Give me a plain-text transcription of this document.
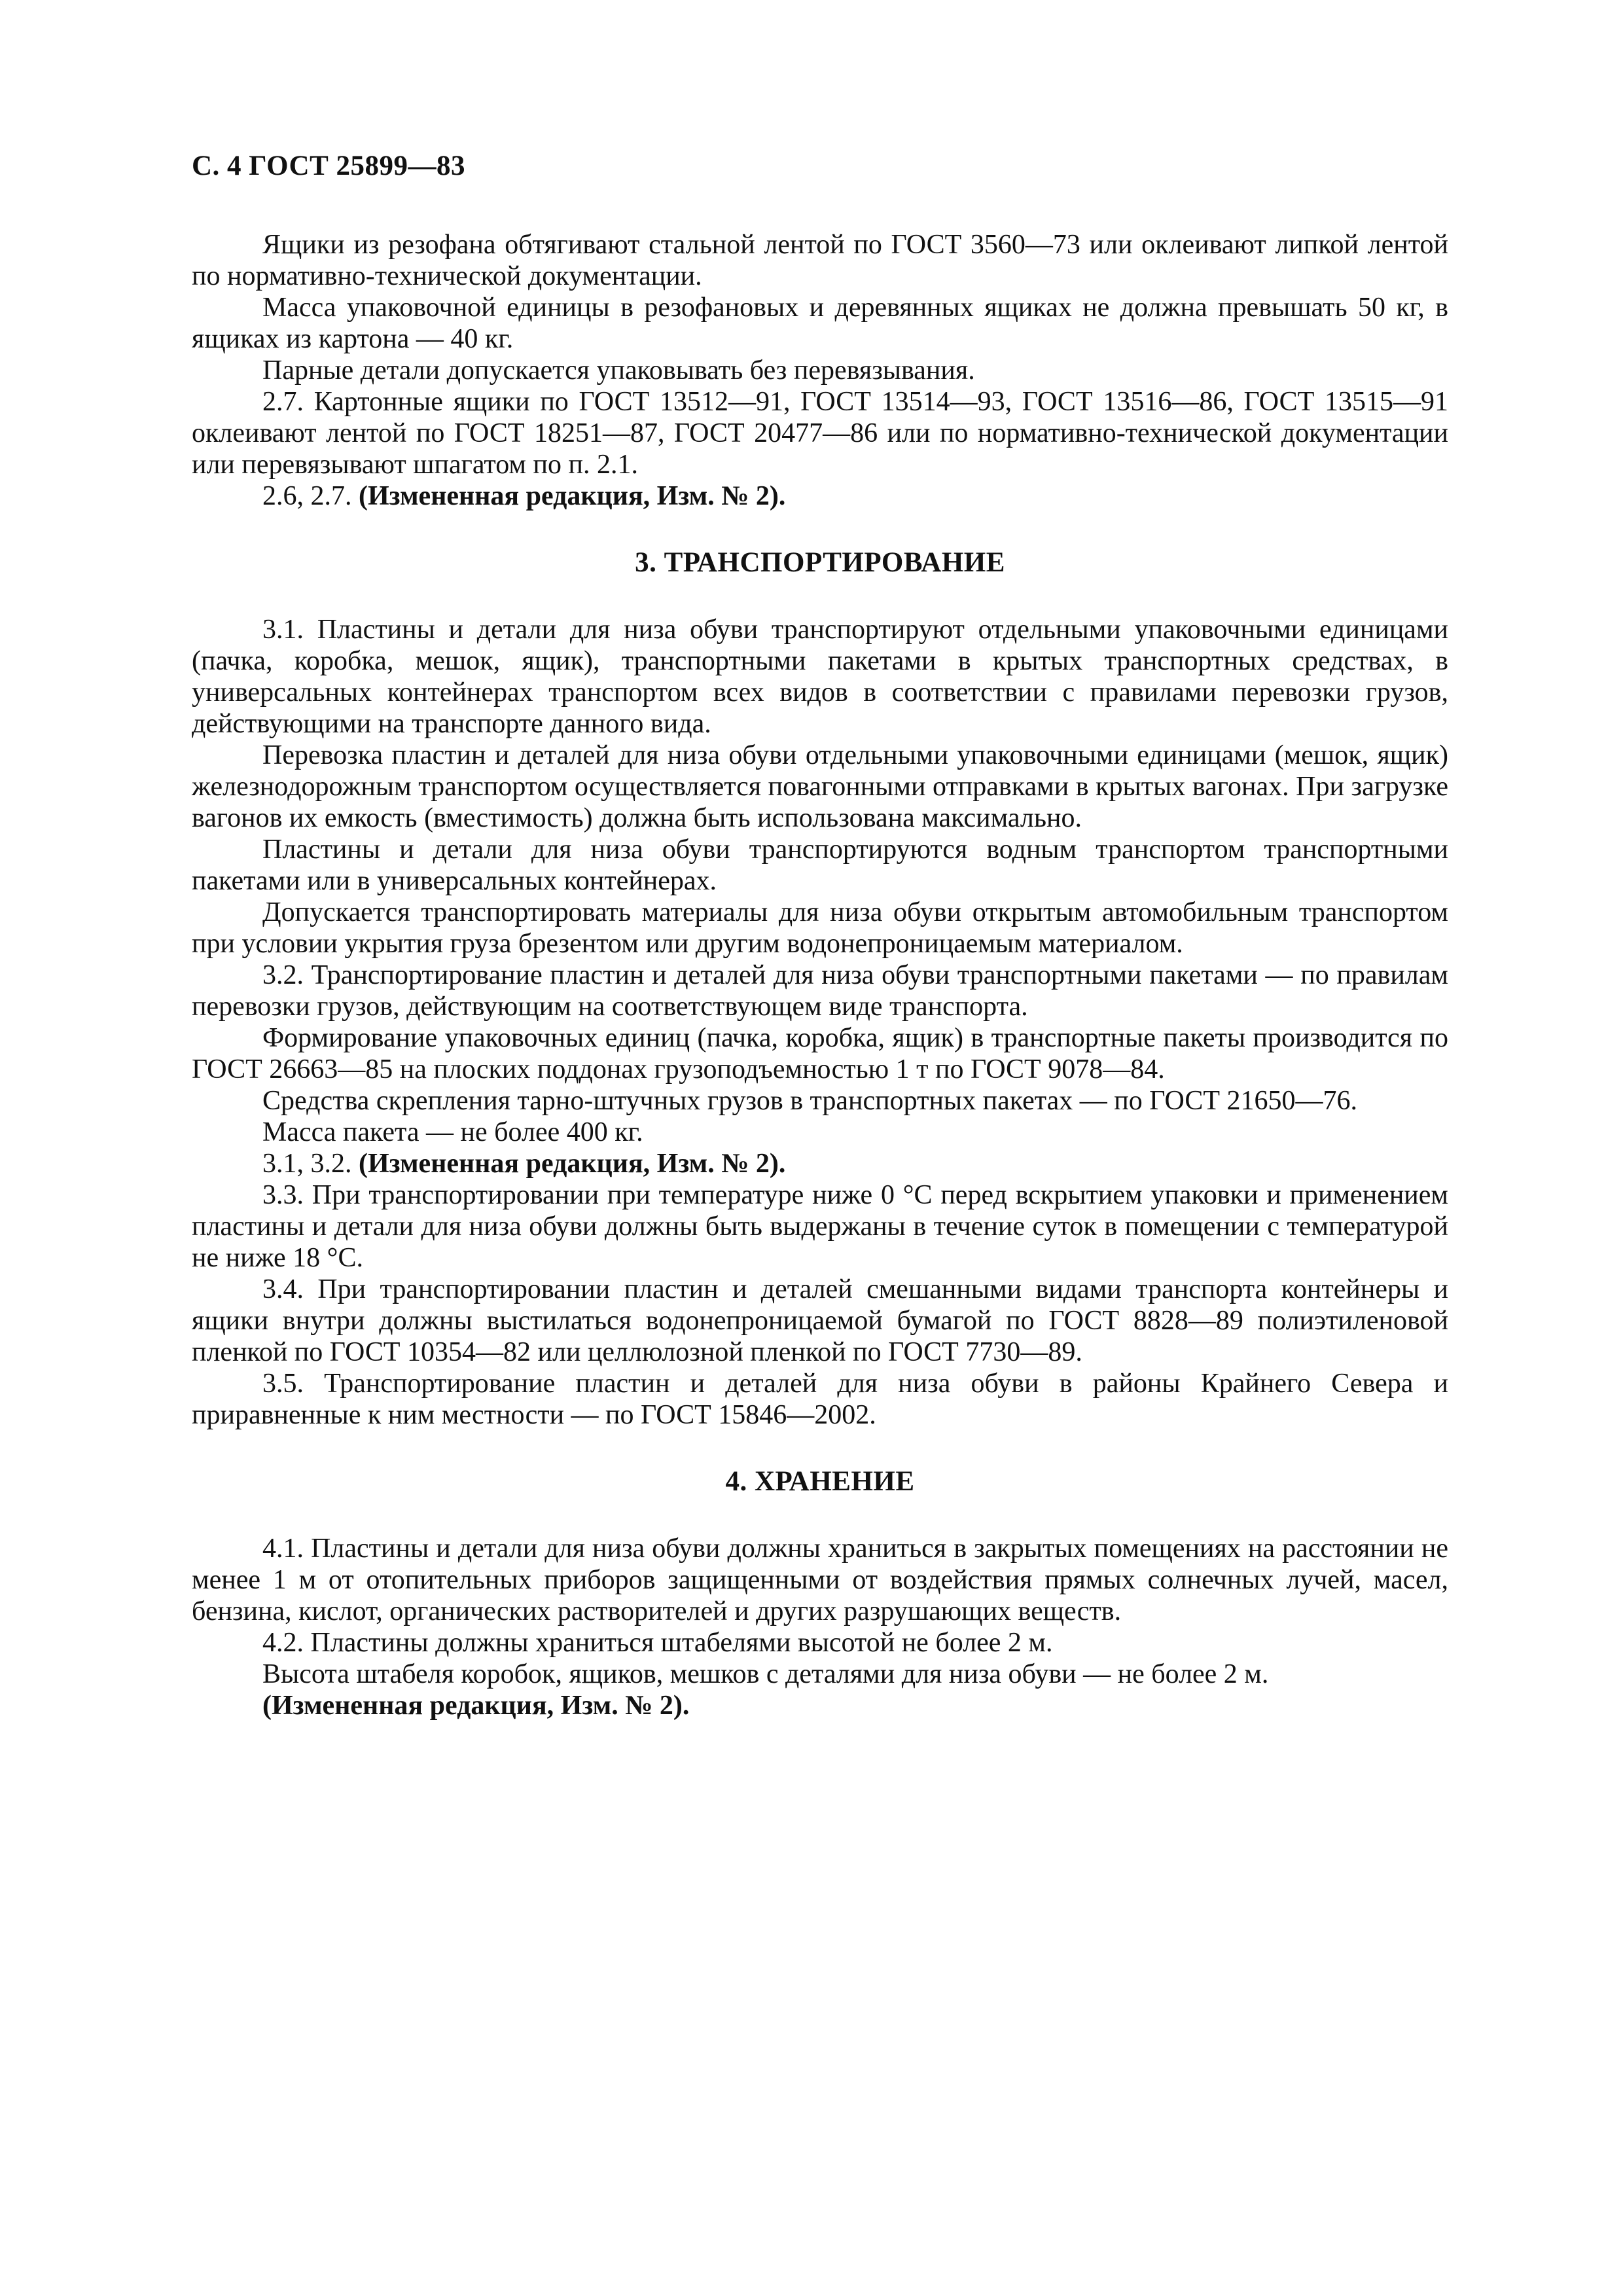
С. 4 ГОСТ 25899—83

Ящики из резофана обтягивают стальной лентой по ГОСТ 3560—73 или оклеивают липкой лентой по нормативно-технической документации.

Масса упаковочной единицы в резофановых и деревянных ящиках не должна превышать 50 кг, в ящиках из картона — 40 кг.

Парные детали допускается упаковывать без перевязывания.

2.7. Картонные ящики по ГОСТ 13512—91, ГОСТ 13514—93, ГОСТ 13516—86, ГОСТ 13515—91 оклеивают лентой по ГОСТ 18251—87, ГОСТ 20477—86 или по нормативно-технической документации или перевязывают шпагатом по п. 2.1.

2.6, 2.7. (Измененная редакция, Изм. № 2).

3. ТРАНСПОРТИРОВАНИЕ

3.1. Пластины и детали для низа обуви транспортируют отдельными упаковочными единицами (пачка, коробка, мешок, ящик), транспортными пакетами в крытых транспортных средствах, в универсальных контейнерах транспортом всех видов в соответствии с правилами перевозки грузов, действующими на транспорте данного вида.

Перевозка пластин и деталей для низа обуви отдельными упаковочными единицами (мешок, ящик) железнодорожным транспортом осуществляется повагонными отправками в крытых вагонах. При загрузке вагонов их емкость (вместимость) должна быть использована максимально.

Пластины и детали для низа обуви транспортируются водным транспортом транспортными пакетами или в универсальных контейнерах.

Допускается транспортировать материалы для низа обуви открытым автомобильным транспортом при условии укрытия груза брезентом или другим водонепроницаемым материалом.

3.2. Транспортирование пластин и деталей для низа обуви транспортными пакетами — по правилам перевозки грузов, действующим на соответствующем виде транспорта.

Формирование упаковочных единиц (пачка, коробка, ящик) в транспортные пакеты производится по ГОСТ 26663—85 на плоских поддонах грузоподъемностью 1 т по ГОСТ 9078—84.

Средства скрепления тарно-штучных грузов в транспортных пакетах — по ГОСТ 21650—76.

Масса пакета — не более 400 кг.

3.1, 3.2. (Измененная редакция, Изм. № 2).

3.3. При транспортировании при температуре ниже 0 °С перед вскрытием упаковки и применением пластины и детали для низа обуви должны быть выдержаны в течение суток в помещении с температурой не ниже 18 °С.

3.4. При транспортировании пластин и деталей смешанными видами транспорта контейнеры и ящики внутри должны выстилаться водонепроницаемой бумагой по ГОСТ 8828—89 полиэтиленовой пленкой по ГОСТ 10354—82 или целлюлозной пленкой по ГОСТ 7730—89.

3.5. Транспортирование пластин и деталей для низа обуви в районы Крайнего Севера и приравненные к ним местности — по ГОСТ 15846—2002.

4. ХРАНЕНИЕ

4.1. Пластины и детали для низа обуви должны храниться в закрытых помещениях на расстоянии не менее 1 м от отопительных приборов защищенными от воздействия прямых солнечных лучей, масел, бензина, кислот, органических растворителей и других разрушающих веществ.

4.2. Пластины должны храниться штабелями высотой не более 2 м.

Высота штабеля коробок, ящиков, мешков с деталями для низа обуви — не более 2 м.

(Измененная редакция, Изм. № 2).
